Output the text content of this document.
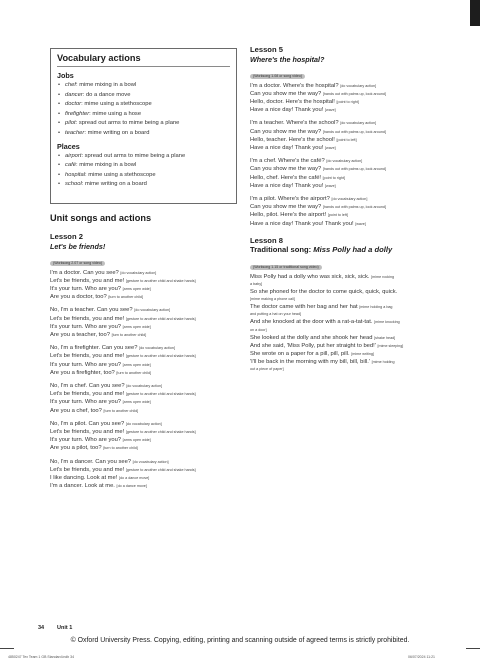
Vocabulary actions
Jobs
• chef: mime mixing in a bowl
• dancer: do a dance move
• doctor: mime using a stethoscope
• firefighter: mime using a hose
• pilot: spread out arms to mime being a plane
• teacher: mime writing on a board
Places
• airport: spread out arms to mime being a plane
• café: mime mixing in a bowl
• hospital: mime using a stethoscope
• school: mime writing on a board
Unit songs and actions
Lesson 2
Let's be friends!
(Worksong 2.07 or song video)
I'm a doctor. Can you see? [do vocabulary action]
Let's be friends, you and me! [gesture to another child and shake hands]
It's your turn. Who are you? [arms open wide]
Are you a doctor, too? [turn to another child]
No, I'm a teacher. Can you see? [do vocabulary action]
Let's be friends, you and me! [gesture to another child and shake hands]
It's your turn. Who are you? [arms open wide]
Are you a teacher, too? [turn to another child]
No, I'm a firefighter. Can you see? [do vocabulary action]
Let's be friends, you and me! [gesture to another child and shake hands]
It's your turn. Who are you? [arms open wide]
Are you a firefighter, too? [turn to another child]
No, I'm a chef. Can you see? [do vocabulary action]
Let's be friends, you and me! [gesture to another child and shake hands]
It's your turn. Who are you? [arms open wide]
Are you a chef, too? [turn to another child]
No, I'm a pilot. Can you see? [do vocabulary action]
Let's be friends, you and me! [gesture to another child and shake hands]
It's your turn. Who are you? [arms open wide]
Are you a pilot, too? [turn to another child]
No, I'm a dancer. Can you see? [do vocabulary action]
Let's be friends, you and me! [gesture to another child and shake hands]
I like dancing. Look at me! [do a dance move]
I'm a dancer. Look at me. [do a dance move]
Lesson 5
Where's the hospital?
(Worksong 1.08 or song video)
I'm a doctor. Where's the hospital? [do vocabulary action]
Can you show me the way? [hands out with palms up, look around]
Hello, doctor. Here's the hospital! [point to right]
Have a nice day! Thank you! [wave]
I'm a teacher. Where's the school? [do vocabulary action]
Can you show me the way? [hands out with palms up, look around]
Hello, teacher. Here's the school! [point to left]
Have a nice day! Thank you! [wave]
I'm a chef. Where's the café? [do vocabulary action]
Can you show me the way? [hands out with palms up, look around]
Hello, chef. Here's the café! [point to right]
Have a nice day! Thank you! [wave]
I'm a pilot. Where's the airport? [do vocabulary action]
Can you show me the way? [hands out with palms up, look around]
Hello, pilot. Here's the airport! [point to left]
Have a nice day! Thank you! Thank you! [wave]
Lesson 8
Traditional song: Miss Polly had a dolly
(Worksong 1.15 or traditional song video)
Miss Polly had a dolly who was sick, sick, sick. [mime rocking
a baby]
So she phoned for the doctor to come quick, quick, quick.
[mime making a phone call]
The doctor came with her bag and her hat [mime holding a bag
and putting a hat on your head]
And she knocked at the door with a rat-a-tat-tat. [mime knocking
on a door]
She looked at the dolly and she shook her head [shake head]
And she said, 'Miss Polly, put her straight to bed!' [mime sleeping]
She wrote on a paper for a pill, pill, pill. [mime writing]
'I'll be back in the morning with my bill, bill, bill.' [mime holding
out a piece of paper]
34 Unit 1
© Oxford University Press. Copying, editing, printing and scanning outside of agreed terms is strictly prohibited.
4850247 Tex Team 1 GB Standard.indb 34	06/07/2024 11:21
